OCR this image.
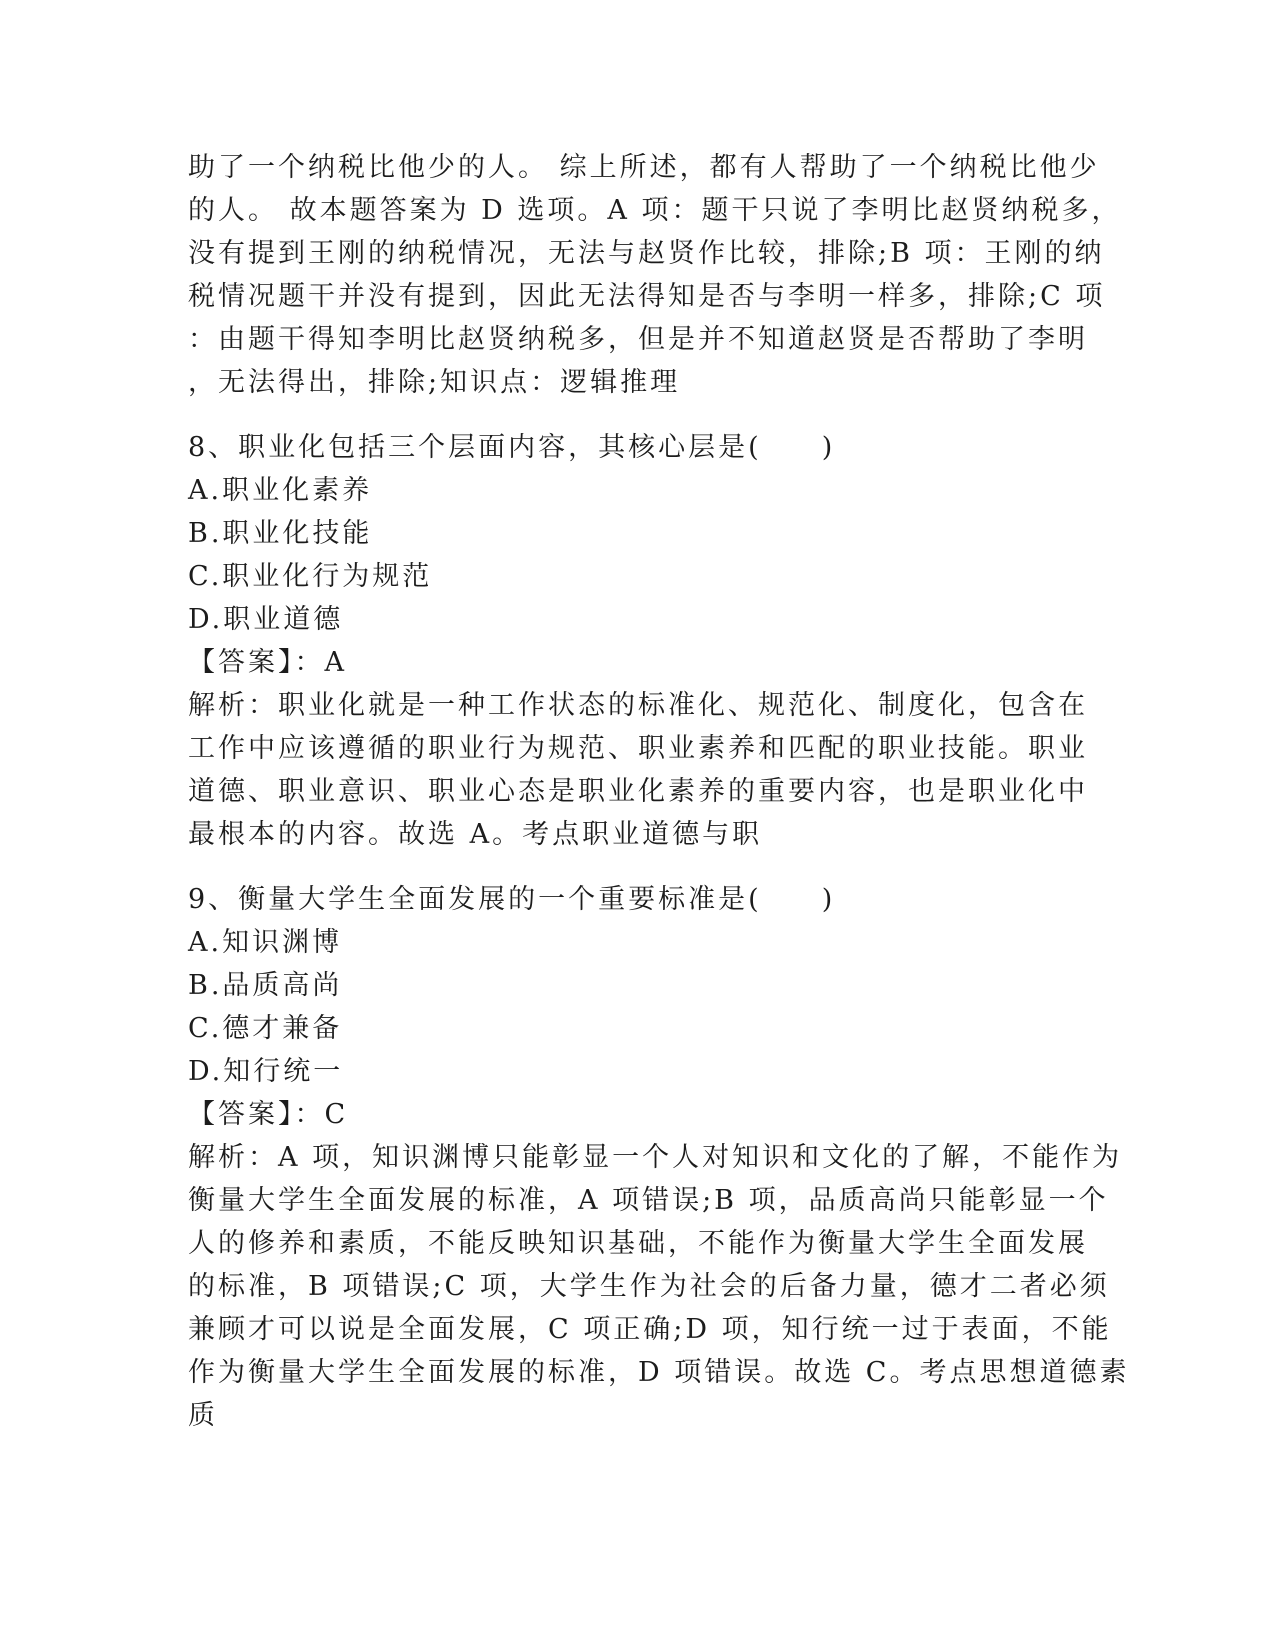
助了一个纳税比他少的人。 综上所述，都有人帮助了一个纳税比他少
的人。 故本题答案为 D 选项。A 项：题干只说了李明比赵贤纳税多，
没有提到王刚的纳税情况，无法与赵贤作比较，排除;B 项：王刚的纳
税情况题干并没有提到，因此无法得知是否与李明一样多，排除;C 项
：由题干得知李明比赵贤纳税多，但是并不知道赵贤是否帮助了李明
，无法得出，排除;知识点：逻辑推理
8、职业化包括三个层面内容，其核心层是(　　)
A.职业化素养
B.职业化技能
C.职业化行为规范
D.职业道德
【答案】：A
解析：职业化就是一种工作状态的标准化、规范化、制度化，包含在
工作中应该遵循的职业行为规范、职业素养和匹配的职业技能。职业
道德、职业意识、职业心态是职业化素养的重要内容，也是职业化中
最根本的内容。故选 A。考点职业道德与职
9、衡量大学生全面发展的一个重要标准是(　　)
A.知识渊博
B.品质高尚
C.德才兼备
D.知行统一
【答案】：C
解析：A 项，知识渊博只能彰显一个人对知识和文化的了解，不能作为
衡量大学生全面发展的标准，A 项错误;B 项，品质高尚只能彰显一个
人的修养和素质，不能反映知识基础，不能作为衡量大学生全面发展
的标准，B 项错误;C 项，大学生作为社会的后备力量，德才二者必须
兼顾才可以说是全面发展，C 项正确;D 项，知行统一过于表面，不能
作为衡量大学生全面发展的标准，D 项错误。故选 C。考点思想道德素
质
